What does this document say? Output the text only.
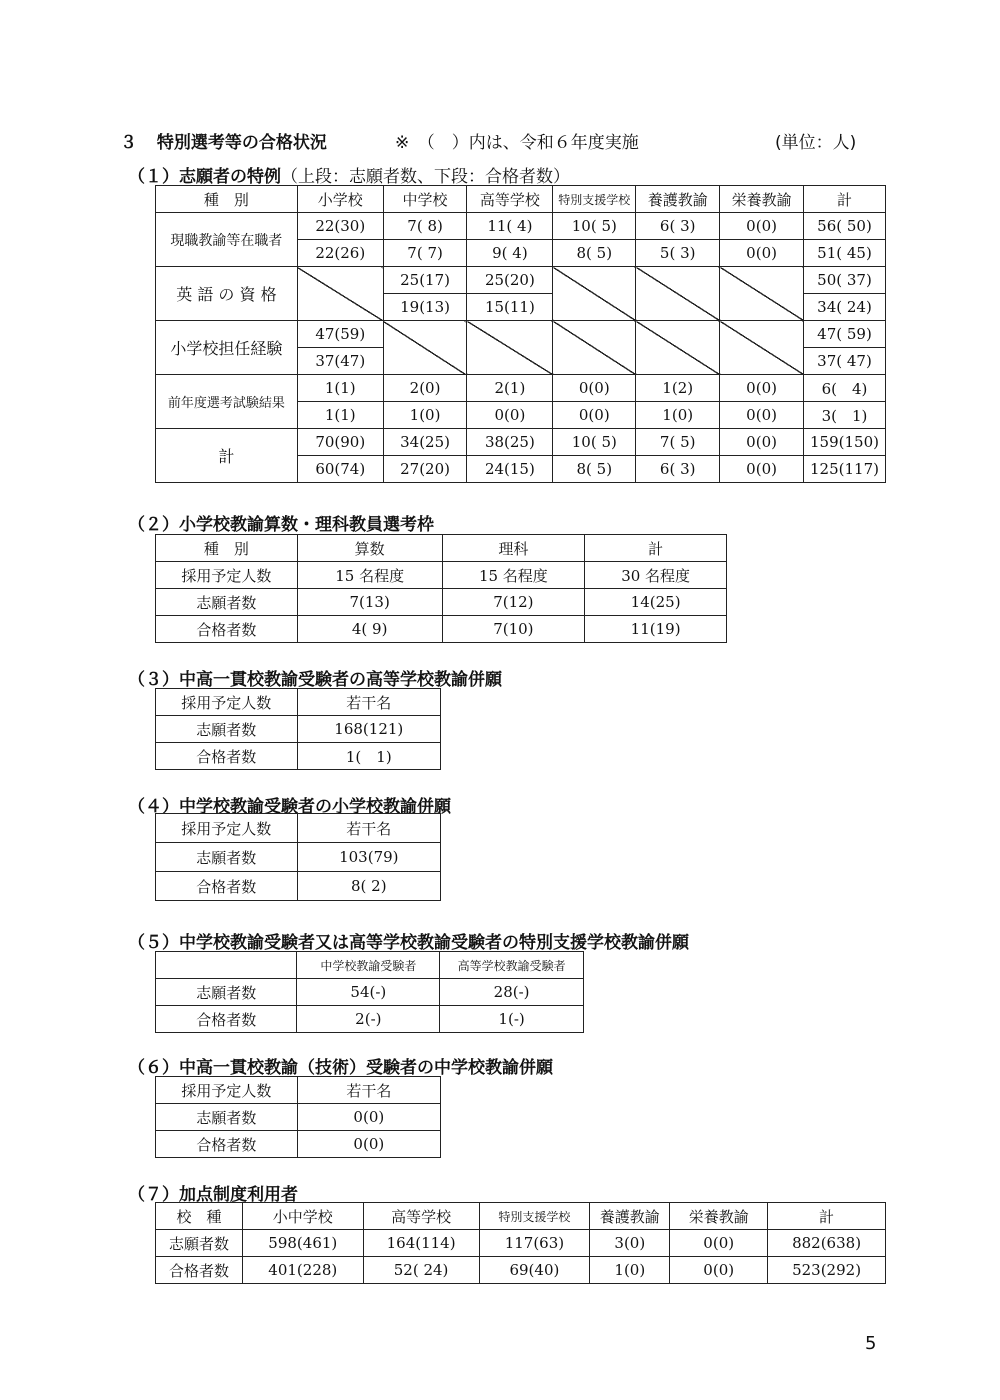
３ 特別選考等の合格状況	※　（　）内は、令和６年度実施	(単位：人)
（１）志願者の特例（上段：志願者数、下段：合格者数）
種　別	小学校	中学校	高等学校	特別支援学校	養護教諭	栄養教諭	計
現職教諭等在職者	22(30)	7( 8)	11( 4)	10( 5)	6( 3)	0(0)	56( 50)
	22(26)	7( 7)	9( 4)	8( 5)	5( 3)	0(0)	51( 45)
英 語 の 資 格		25(17)	25(20)				50( 37)
		19(13)	15(11)				34( 24)
小学校担任経験	47(59)						47( 59)
	37(47)						37( 47)
前年度選考試験結果	1(1)	2(0)	2(1)	0(0)	1(2)	0(0)	6(　4)
	1(1)	1(0)	0(0)	0(0)	1(0)	0(0)	3(　1)
計	70(90)	34(25)	38(25)	10( 5)	7( 5)	0(0)	159(150)
	60(74)	27(20)	24(15)	8( 5)	6( 3)	0(0)	125(117)
（２）小学校教諭算数・理科教員選考枠
種　別	算数	理科	計
採用予定人数	15 名程度	15 名程度	30 名程度
志願者数	7(13)	7(12)	14(25)
合格者数	4( 9)	7(10)	11(19)
（３）中高一貫校教諭受験者の高等学校教諭併願
採用予定人数	若干名
志願者数	168(121)
合格者数	1(　1)
（４）中学校教諭受験者の小学校教諭併願
採用予定人数	若干名
志願者数	103(79)
合格者数	8( 2)
（５）中学校教諭受験者又は高等学校教諭受験者の特別支援学校教諭併願
	中学校教諭受験者	高等学校教諭受験者
志願者数	54(-)	28(-)
合格者数	2(-)	1(-)
（６）中高一貫校教諭（技術）受験者の中学校教諭併願
採用予定人数	若干名
志願者数	0(0)
合格者数	0(0)
（７）加点制度利用者
校　種	小中学校	高等学校	特別支援学校	養護教諭	栄養教諭	計
志願者数	598(461)	164(114)	117(63)	3(0)	0(0)	882(638)
合格者数	401(228)	52( 24)	69(40)	1(0)	0(0)	523(292)
5
